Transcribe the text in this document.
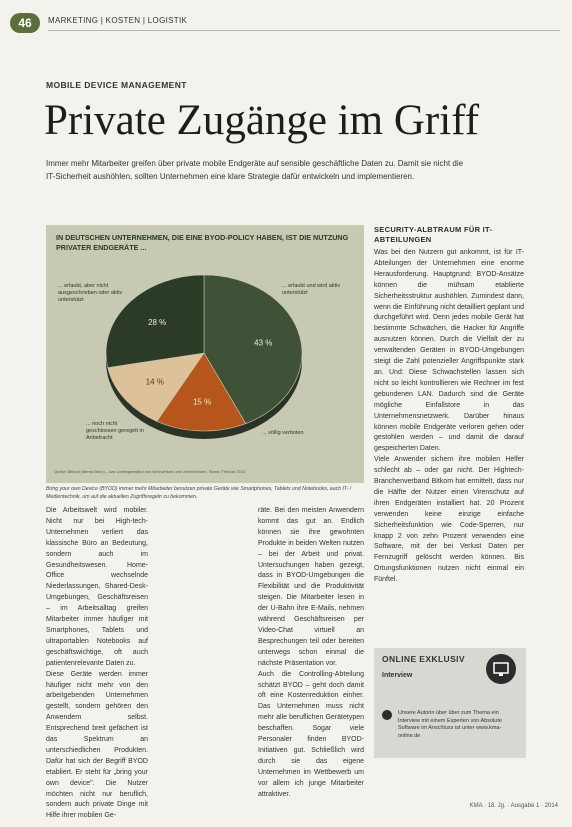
46	MARKETING | KOSTEN | LOGISTIK
MOBILE DEVICE MANAGEMENT
Private Zugänge im Griff
Immer mehr Mitarbeiter greifen über private mobile Endgeräte auf sensible geschäftliche Daten zu. Damit sie nicht die IT-Sicherheit aushöhlen, sollten Unternehmen eine klare Strategie dafür entwickeln und implementieren.
IN DEUTSCHEN UNTERNEHMEN, DIE EINE BYOD-POLICY HABEN, IST DIE NUTZUNG PRIVATER ENDGERÄTE ...
43 %
15 %
14 %
28 %
... erlaubt, aber nicht ausgeschrieben oder aktiv unterstützt
... erlaubt und wird aktiv unterstützt
... noch nicht geschlossen geregelt in Anbetracht
... völlig verboten
Quelle: Bitkom (Bernd Benz) – das Umfrageinstitut von Netzwerken und Unternehmen, Stand: Februar 2013
Bring your own Device (BYOD) immer mehr Mitarbeiter benutzen private Geräte wie Smartphones, Tablets und Notebooks, auch IT- / Medientechnik, um auf die aktuellen Zugriffsregeln zu bekommen.

Die Arbeitswelt wird mobiler. Nicht nur bei High-tech-Unternehmen verliert das klassische Büro an Bedeutung, sondern auch im Gesundheitswesen. Home-Office wechselnde Niederlassungen, Shared-Desk-Umgebungen, Geschäftsreisen – im Arbeitsalltag greifen Mitarbeiter immer häufiger mit Smartphones, Tablets und ultraportablen Notebooks auf geschäftswichtige, oft auch patientenrelevante Daten zu.
Diese Geräte werden immer häufiger nicht mehr von den arbeitgebenden Unternehmen gestellt, sondern gehören den Anwendern selbst. Entsprechend breit gefächert ist das Spektrum an unterschiedlichen Produkten. Dafür hat sich der Begriff BYOD etabliert. Er steht für „bring your own device". Die Nutzer möchten nicht nur beruflich, sondern auch private Dinge mit Hilfe ihrer mobilen Ge-

räte. Bei den meisten Anwendern kommt das gut an. Endlich können sie ihre gewohnten Produkte in beiden Welten nutzen – bei der Arbeit und privat. Untersuchungen haben gezeigt, dass in BYOD-Umgebungen die Flexibilität und die Produktivität steigen. Die Mitarbeiter lesen in der U-Bahn ihre E-Mails, nehmen während Geschäftsreisen per Video-Chat virtuell an Besprechungen teil oder bereiten unterwegs schon einmal die nächste Präsentation vor.
Auch die Controlling-Abteilung schätzt BYOD – geht doch damit oft eine Kostenreduktion einher. Das Unternehmen muss nicht mehr alle beruflichen Gerätetypen beschaffen. Sogar viele Personaler finden BYOD-Initiativen gut. Schließlich wird durch sie das eigene Unternehmen im Wettbewerb um vor allem ich junge Mitarbeiter attraktiver.

SECURITY-ALBTRAUM FÜR IT-ABTEILUNGEN

Was bei den Nutzern gut ankommt, ist für IT-Abteilungen der Unternehmen eine enorme Herausforderung. Hauptgrund: BYOD-Ansätze können die mühsam etablierte Sicherheitsstruktur aushöhlen. Zumindest dann, wenn die Einführung nicht detailliert geplant und durchgeführt wird. Denn jedes mobile Gerät hat bestimmte Schwächen, die Hacker für Angriffe ausnutzen können. Durch die Vielfalt der zu verwaltenden Geräten in BYOD-Umgebungen steigt die Zahl potenzieller Angriffspunkte stark an. Und: Diese Schwachstellen lassen sich nicht so leicht kontrollieren wie Rechner im fest gebundenen LAN. Dadurch sind die Geräte mögliche Einfallstore in das Unternehmensnetzwerk. Darüber hinaus können mobile Endgeräte verloren gehen oder gestohlen werden – und damit die darauf gespeicherten Daten.
Viele Anwender sichern ihre mobilen Helfer schlecht ab – oder gar nicht. Der Hightech-Branchenverband Bitkom hat ermittelt, dass nur die Hälfte der Nutzer einen Virenschutz auf ihren Endgeräten installiert hat. 20 Prozent verwenden keine einzige einfache Sicherheitsfunktion wie Code-Sperren, nur knapp 2 von zehn Prozent verwenden eine Software, mit der bei Verlust Daten per Fernzugriff gelöscht werden können. Bis Ortungsfunktionen nutzen nicht einmal ein Fünftel.

ONLINE EXKLUSIV
Interview
Unsere Autorin über über zum Thema ein Interview mit einem Experten von Absolute Software im Anschluss ist unter www.kma-online.de
KMA · 18. Jg. · Ausgabe 1 · 2014
